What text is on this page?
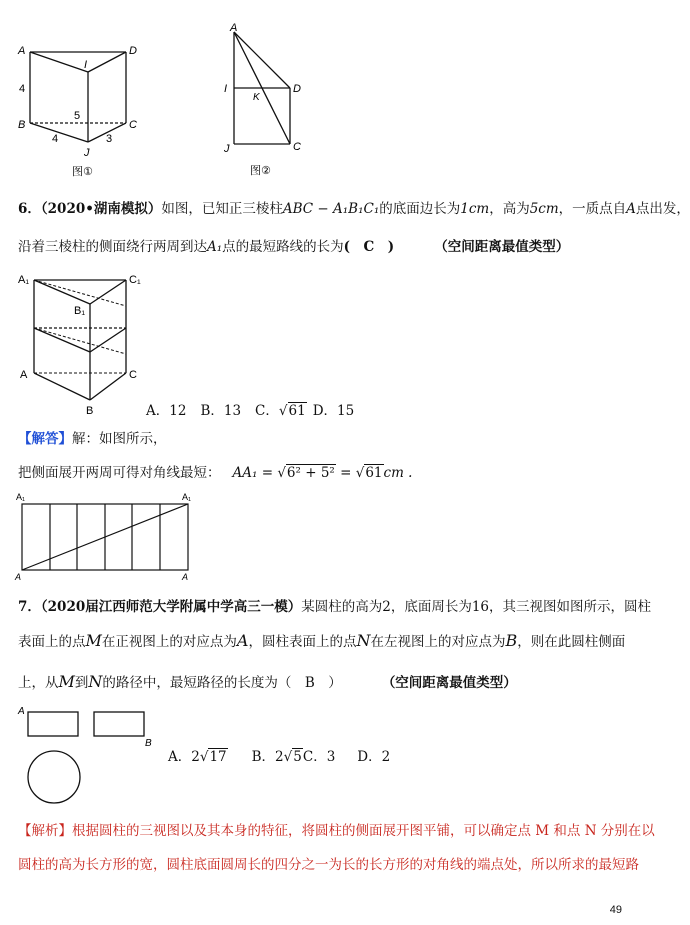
A	D
I
B	C
J
4
5
4	3
图①
A
I
K
D
J	C
图②
6．（2020•湖南模拟）如图，已知正三棱柱ABC − A₁B₁C₁的底面边长为1cm，高为5cm，一质点自A点出发，
沿着三棱柱的侧面绕行两周到达A₁点的最短路线的长为(　C　)	（空间距离最值类型）
A₁	C₁
B₁
A	C
B	A．12 B．13 C．√61 D．15
【解答】解：如图所示，
把侧面展开两周可得对角线最短： AA₁ = √6² + 5² = √61cm .
A₁	A₁
A	A
7．（2020届江西师范大学附属中学高三一模）某圆柱的高为2，底面周长为16，其三视图如图所示，圆柱
表面上的点M在正视图上的对应点为A，圆柱表面上的点N在左视图上的对应点为B，则在此圆柱侧面
上，从M到N的路径中，最短路径的长度为（　B　）	（空间距离最值类型）
A
B
A．2√17 B．2√5C．3 D．2
【解析】根据圆柱的三视图以及其本身的特征，将圆柱的侧面展开图平铺，可以确定点 M 和点 N 分别在以
圆柱的高为长方形的宽，圆柱底面圆周长的四分之一为长的长方形的对角线的端点处，所以所求的最短路
49
